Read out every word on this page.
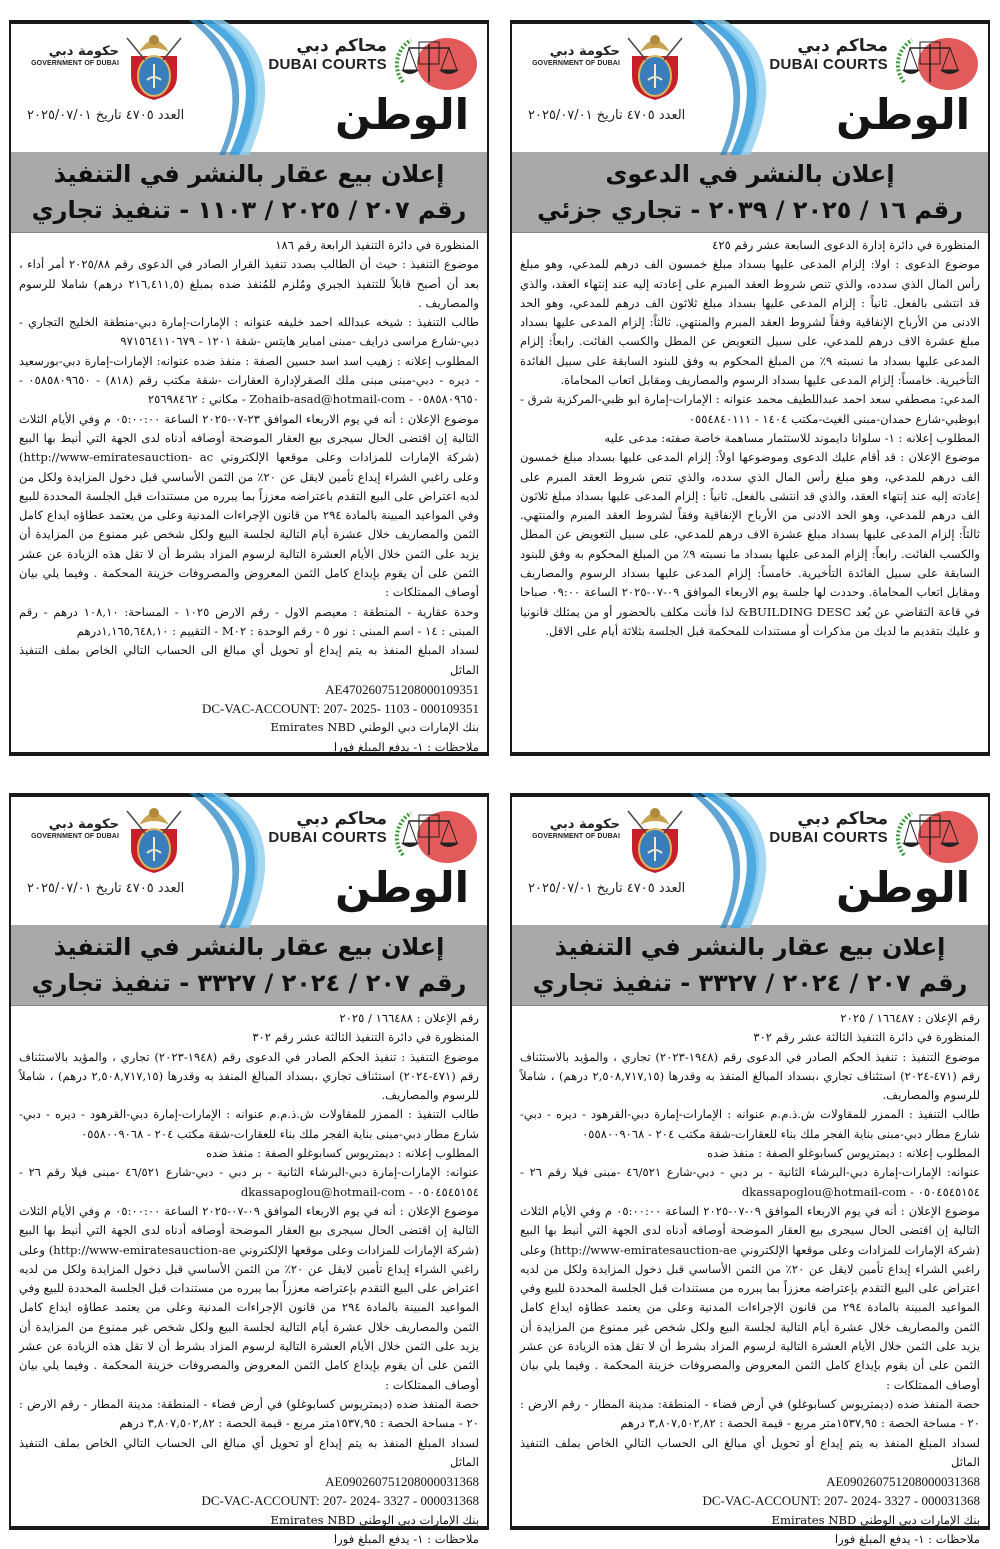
محاكم دبي
DUBAI COURTS
حكومة دبي
GOVERNMENT OF DUBAI
الوطن
العدد ٤٧٠٥ تاريخ ٢٠٢٥/٠٧/٠١
إعلان بالنشر في الدعوى
رقم ١٦ / ٢٠٢٥ / ٢٠٣٩ - تجاري جزئي

المنظورة في دائرة إدارة الدعوى السابعة عشر رقم ٤٢٥

موضوع الدعوى : اولا: إلزام المدعى عليها بسداد مبلغ خمسون الف درهم للمدعي، وهو مبلغ رأس المال الذي سدده، والذي تنص شروط العقد المبرم على إعادته إليه عند إنتهاء العقد، والذي قد انتشى بالفعل. ثانياً : إلزام المدعى عليها بسداد مبلغ ثلاثون الف درهم للمدعي، وهو الحد الادنى من الأرباح الإنفاقية وفقاً لشروط العقد المبرم والمنتهي. ثالثاً: إلزام المدعى عليها بسداد مبلغ عشرة الاف درهم للمدعي، على سبيل التعويض عن المطل والكسب الفائت. رابعاً: إلزام المدعى عليها بسداد ما نسبته ٩٪ من المبلغ المحكوم به وفق للبنود السابقة على سبيل الفائدة التأخيرية. خامساً: إلزام المدعى عليها بسداد الرسوم والمصاريف ومقابل اتعاب المحاماة.

المدعي: مصطفي سعد احمد عبداللطيف محمد عنوانه : الإمارات-إمارة ابو ظبي-المركزية شرق - ابوظبي-شارع حمدان-مبنى الغيث-مكتب ١٤٠٤ - ٠٥٥٤٨٤٠١١١

المطلوب إعلانه : ١- سلوانا دايموند للاستثمار مساهمة خاصة صفته: مدعى عليه

موضوع الإعلان : قد أقام عليك الدعوى وموضوعها اولاً: إلزام المدعى عليها بسداد مبلغ خمسون الف درهم للمدعي، وهو مبلغ رأس المال الذي سدده، والذي تنص شروط العقد المبرم على إعادته إليه عند إنتهاء العقد، والذي قد انتشى بالفعل. ثانياً : إلزام المدعى عليها بسداد مبلغ ثلاثون الف درهم للمدعي، وهو الحد الادنى من الأرباح الإنفاقية وفقاً لشروط العقد المبرم والمنتهي. ثالثاً: إلزام المدعى عليها بسداد مبلغ عشرة الاف درهم للمدعي، على سبيل التعويض عن المطل والكسب الفائت. رابعاً: إلزام المدعى عليها بسداد ما نسبته ٩٪ من المبلغ المحكوم به وفق للبنود السابقة على سبيل الفائدة التأخيرية. خامساً: إلزام المدعى عليها بسداد الرسوم والمصاريف ومقابل اتعاب المحاماة. وحددت لها جلسة يوم الاربعاء الموافق ٠٩-٠٧-٢٠٢٥ الساعة ٠٩:٠٠ صباحا في قاعة التقاضي عن بُعد BUILDING DESC& لذا فأنت مكلف بالحضور أو من يمثلك قانونيا و عليك بتقديم ما لديك من مذكرات أو مستندات للمحكمة قبل الجلسة بثلاثة أيام على الاقل.

محاكم دبي
DUBAI COURTS
حكومة دبي
GOVERNMENT OF DUBAI
الوطن
العدد ٤٧٠٥ تاريخ ٢٠٢٥/٠٧/٠١
إعلان بيع عقار بالنشر في التنفيذ
رقم ٢٠٧ / ٢٠٢٥ / ١١٠٣ - تنفيذ تجاري

المنظورة في دائرة التنفيذ الرابعة رقم ١٨٦

موضوع التنفيذ : حيث أن الطالب بصدد تنفيذ القرار الصادر في الدعوى رقم ٢٠٢٥/٨٨ أمر أداء ، بعد أن أصبح قابلاً للتنفيذ الجبري ومُلزم للمُنفذ ضده بمبلغ (٢١٦,٤١١,٥ درهم) شاملا للرسوم والمصاريف .

طالب التنفيذ : شيخه عبدالله احمد خليفه عنوانه : الإمارات-إمارة دبي-منطقة الخليج التجاري - دبي-شارع مراسى درايف -مبنى امباير هايتس -شقة ١٢٠١ - ٩٧١٥٦٤١١٠٦٧٩

المطلوب إعلانه : زهيب اسد اسد حسين الصفة : منفذ ضده عنوانه: الإمارات-إمارة دبي-بورسعيد - ديره - دبي-مبنى مبنى ملك الصقرلإدارة العقارات -شقة مكتب رقم (٨١٨) - ٠٥٨٥٨٠٩٦٥٠ - ٠٥٨٥٨٠٩٦٥٠ - Zohaib-asad@hotmail-com - مكاني : ٢٥٦٩٨٤٦٢

موضوع الإعلان : أنه في يوم الاربعاء الموافق ٢٣-٠٧-٢٠٢٥ الساعة ٠٥:٠٠:٠٠ م وفي الأيام الثلاث التالية إن اقتضى الحال سيجرى بيع العقار الموضحة أوصافه أدناه لدى الجهة التي أنيط بها البيع (شركة الإمارات للمزادات وعلى موقعها الإلكتروني http://www-emiratesauction- ac) وعلى راغبي الشراء إيداع تأمين لايقل عن ٢٠٪ من الثمن الأساسي قبل دخول المزايدة ولكل من لديه اعتراض على البيع التقدم باعتراضه معززاً بما يبرره من مستندات قبل الجلسة المحددة للبيع وفي المواعيد المبينة بالمادة ٢٩٤ من قانون الإجراءات المدنية وعلى من يعتمد عطاؤه ايداع كامل الثمن والمصاريف خلال عشرة أيام التالية لجلسة البيع ولكل شخص غير ممنوع من المزايدة أن يزيد على الثمن خلال الأيام العشرة التالية لرسوم المزاد بشرط أن لا تقل هذه الزيادة عن عشر الثمن على أن يقوم بإيداع كامل الثمن المعروض والمصروفات خزينة المحكمة . وفيما يلي بيان أوصاف الممتلكات :

وحدة عقارية - المنطقة : معيصم الاول - رقم الارض ١٠٢٥ - المساحة: ١٠٨,١٠ درهم - رقم المبنى : ١٤ - اسم المبنى : نور ٥ - رقم الوحدة : M٠٢ - التقييم : ١,١٦٥,٦٤٨,١٠درهم

لسداد المبلغ المنفذ به يتم إيداع أو تحويل أي مبالغ الى الحساب التالي الخاص بملف التنفيذ الماثل

AE470260751208000109351

DC-VAC-ACCOUNT: 207- 2025- 1103 - 000109351

بنك الإمارات دبي الوطني Emirates NBD

ملاحظات : ١- يدفع المبلغ فورا

محاكم دبي
DUBAI COURTS
حكومة دبي
GOVERNMENT OF DUBAI
الوطن
العدد ٤٧٠٥ تاريخ ٢٠٢٥/٠٧/٠١
إعلان بيع عقار بالنشر في التنفيذ
رقم ٢٠٧ / ٢٠٢٤ / ٣٣٢٧ - تنفيذ تجاري

رقم الإعلان : ١٦٦٤٨٧ / ٢٠٢٥

المنظورة في دائرة التنفيذ الثالثة عشر رقم ٣٠٢

موضوع التنفيذ : تنفيذ الحكم الصادر في الدعوى رقم (١٩٤٨-٢٠٢٣) تجاري ، والمؤيد بالاستئناف رقم (٤٧١-٢٠٢٤) استئناف تجاري ،بسداد المبالغ المنفذ به وقدرها (٢,٥٠٨,٧١٧,١٥ درهم) ، شاملاً للرسوم والمصاريف.

طالب التنفيذ : الممزر للمقاولات ش.ذ.م.م عنوانه : الإمارات-إمارة دبي-القرهود - ديره - دبي-شارع مطار دبي-مبنى بناية الفجر ملك بناء للعقارات-شقة مكتب ٢٠٤ - ٠٥٥٨٠٠٩٠٦٨

المطلوب إعلانه : ديمتريوس كسابوغلو الصفة : منفذ ضده

عنوانه: الإمارات-إمارة دبي-البرشاء الثانية - بر دبي - دبي-شارع ٤٦/٥٢١ -مبنى فيلا رقم ٢٦ - ٠٥٠٤٥٤٥١٥٤ - dkassapoglou@hotmail-com

موضوع الإعلان : أنه في يوم الاربعاء الموافق ٠٩-٠٧-٢٠٢٥ الساعة ٠٥:٠٠:٠٠ م وفي الأيام الثلاث التالية إن اقتضى الحال سيجرى بيع العقار الموضحة أوصافه أدناه لدى الجهة التي أنيط بها البيع (شركة الإمارات للمزادات وعلى موقعها الإلكتروني http://www-emiratesauction-ae) وعلى راغبي الشراء إيداع تأمين لايقل عن ٢٠٪ من الثمن الأساسي قبل دخول المزايدة ولكل من لديه اعتراض على البيع التقدم بإعتراضه معززاً بما يبرره من مستندات قبل الجلسة المحددة للبيع وفي المواعيد المبينة بالمادة ٢٩٤ من قانون الإجراءات المدنية وعلى من يعتمد عطاؤه ايداع كامل الثمن والمصاريف خلال عشرة أيام التالية لجلسة البيع ولكل شخص غير ممنوع من المزايدة أن يزيد على الثمن خلال الأيام العشرة التالية لرسوم المزاد بشرط أن لا تقل هذه الزيادة عن عشر الثمن على أن يقوم بإيداع كامل الثمن المعروض والمصروفات خزينة المحكمة . وفيما يلي بيان أوصاف الممتلكات :

حصة المنفذ ضده (ديمتريوس كسابوغلو) في أرض فضاء - المنطقة: مدينة المطار - رقم الارض : ٢٠ - مساحة الحصة : ١٥٣٧,٩٥متر مربع - قيمة الحصة : ٣,٨٠٧,٥٠٢,٨٢ درهم

لسداد المبلغ المنفذ به يتم إيداع أو تحويل أي مبالغ الى الحساب التالي الخاص بملف التنفيذ الماثل

AE090260751208000031368

DC-VAC-ACCOUNT: 207- 2024- 3327 - 000031368

بنك الإمارات دبي الوطني Emirates NBD

ملاحظات : ١- يدفع المبلغ فورا

محاكم دبي
DUBAI COURTS
حكومة دبي
GOVERNMENT OF DUBAI
الوطن
العدد ٤٧٠٥ تاريخ ٢٠٢٥/٠٧/٠١
إعلان بيع عقار بالنشر في التنفيذ
رقم ٢٠٧ / ٢٠٢٤ / ٣٣٢٧ - تنفيذ تجاري

رقم الإعلان : ١٦٦٤٨٨ / ٢٠٢٥

المنظورة في دائرة التنفيذ الثالثة عشر رقم ٣٠٢

موضوع التنفيذ : تنفيذ الحكم الصادر في الدعوى رقم (١٩٤٨-٢٠٢٣) تجاري ، والمؤيد بالاستئناف رقم (٤٧١-٢٠٢٤) استئناف تجاري ،بسداد المبالغ المنفذ به وقدرها (٢,٥٠٨,٧١٧,١٥ درهم) ، شاملاً للرسوم والمصاريف.

طالب التنفيذ : الممزر للمقاولات ش.ذ.م.م عنوانه : الإمارات-إمارة دبي-القرهود - ديره - دبي-شارع مطار دبي-مبنى بناية الفجر ملك بناء للعقارات-شقة مكتب ٢٠٤ - ٠٥٥٨٠٠٩٠٦٨

المطلوب إعلانه : ديمتريوس كسابوغلو الصفة : منفذ ضده

عنوانه: الإمارات-إمارة دبي-البرشاء الثانية - بر دبي - دبي-شارع ٤٦/٥٢١ -مبنى فيلا رقم ٢٦ - ٠٥٠٤٥٤٥١٥٤ - dkassapoglou@hotmail-com

موضوع الإعلان : أنه في يوم الاربعاء الموافق ٠٩-٠٧-٢٠٢٥ الساعة ٠٥:٠٠:٠٠ م وفي الأيام الثلاث التالية إن اقتضى الحال سيجرى بيع العقار الموضحة أوصافه أدناه لدى الجهة التي أنيط بها البيع (شركة الإمارات للمزادات وعلى موقعها الإلكتروني http://www-emiratesauction-ae) وعلى راغبي الشراء إيداع تأمين لايقل عن ٢٠٪ من الثمن الأساسي قبل دخول المزايدة ولكل من لديه اعتراض على البيع التقدم بإعتراضه معززاً بما يبرره من مستندات قبل الجلسة المحددة للبيع وفي المواعيد المبينة بالمادة ٢٩٤ من قانون الإجراءات المدنية وعلى من يعتمد عطاؤه ايداع كامل الثمن والمصاريف خلال عشرة أيام التالية لجلسة البيع ولكل شخص غير ممنوع من المزايدة أن يزيد على الثمن خلال الأيام العشرة التالية لرسوم المزاد بشرط أن لا تقل هذه الزيادة عن عشر الثمن على أن يقوم بإيداع كامل الثمن المعروض والمصروفات خزينة المحكمة . وفيما يلي بيان أوصاف الممتلكات :

حصة المنفذ ضده (ديمتريوس كسابوغلو) في أرض فضاء - المنطقة: مدينة المطار - رقم الارض : ٢٠ - مساحة الحصة : ١٥٣٧,٩٥متر مربع - قيمة الحصة : ٣,٨٠٧,٥٠٢,٨٢ درهم

لسداد المبلغ المنفذ به يتم إيداع أو تحويل أي مبالغ الى الحساب التالي الخاص بملف التنفيذ الماثل

AE090260751208000031368

DC-VAC-ACCOUNT: 207- 2024- 3327 - 000031368

بنك الإمارات دبي الوطني Emirates NBD

ملاحظات : ١- يدفع المبلغ فورا
